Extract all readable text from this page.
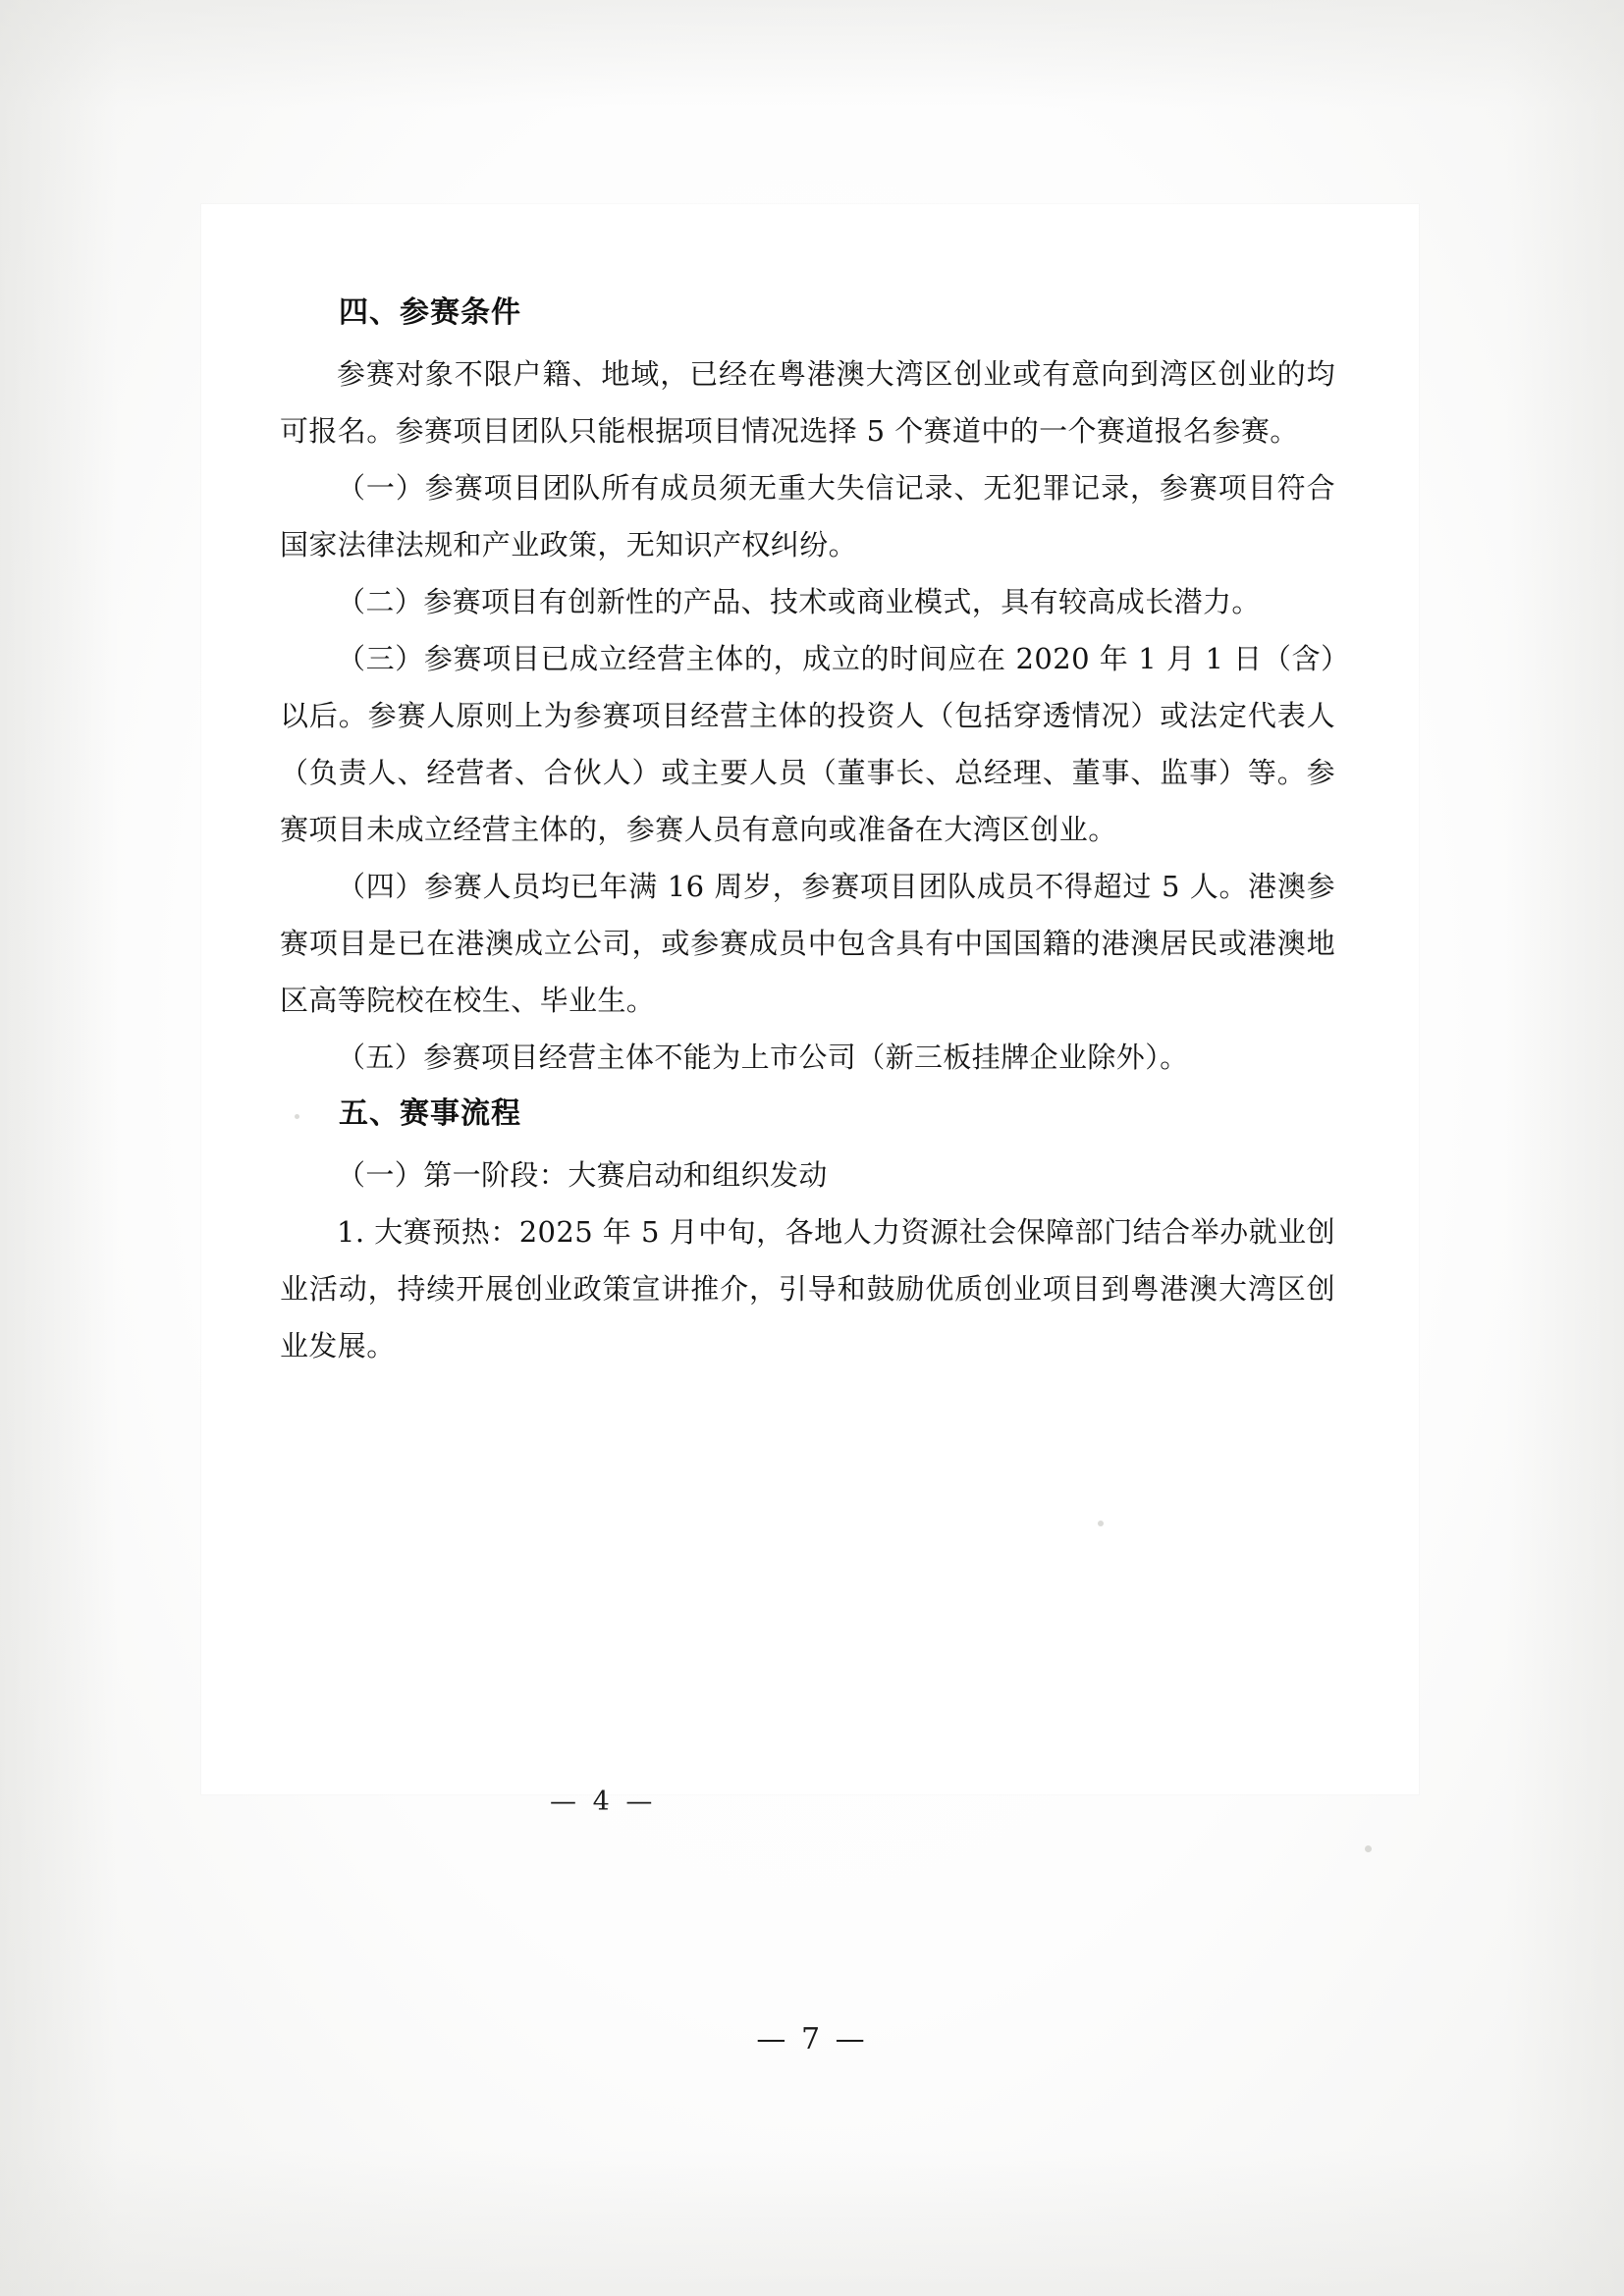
四、参赛条件

参赛对象不限户籍、地域，已经在粤港澳大湾区创业或有意向到湾区创业的均可报名。参赛项目团队只能根据项目情况选择 5 个赛道中的一个赛道报名参赛。

（一）参赛项目团队所有成员须无重大失信记录、无犯罪记录，参赛项目符合国家法律法规和产业政策，无知识产权纠纷。

（二）参赛项目有创新性的产品、技术或商业模式，具有较高成长潜力。

（三）参赛项目已成立经营主体的，成立的时间应在 2020 年 1 月 1 日（含）以后。参赛人原则上为参赛项目经营主体的投资人（包括穿透情况）或法定代表人（负责人、经营者、合伙人）或主要人员（董事长、总经理、董事、监事）等。参赛项目未成立经营主体的，参赛人员有意向或准备在大湾区创业。

（四）参赛人员均已年满 16 周岁，参赛项目团队成员不得超过 5 人。港澳参赛项目是已在港澳成立公司，或参赛成员中包含具有中国国籍的港澳居民或港澳地区高等院校在校生、毕业生。

（五）参赛项目经营主体不能为上市公司（新三板挂牌企业除外）。

五、赛事流程

（一）第一阶段：大赛启动和组织发动

1. 大赛预热：2025 年 5 月中旬，各地人力资源社会保障部门结合举办就业创业活动，持续开展创业政策宣讲推介，引导和鼓励优质创业项目到粤港澳大湾区创业发展。

— 4 —
— 7 —
